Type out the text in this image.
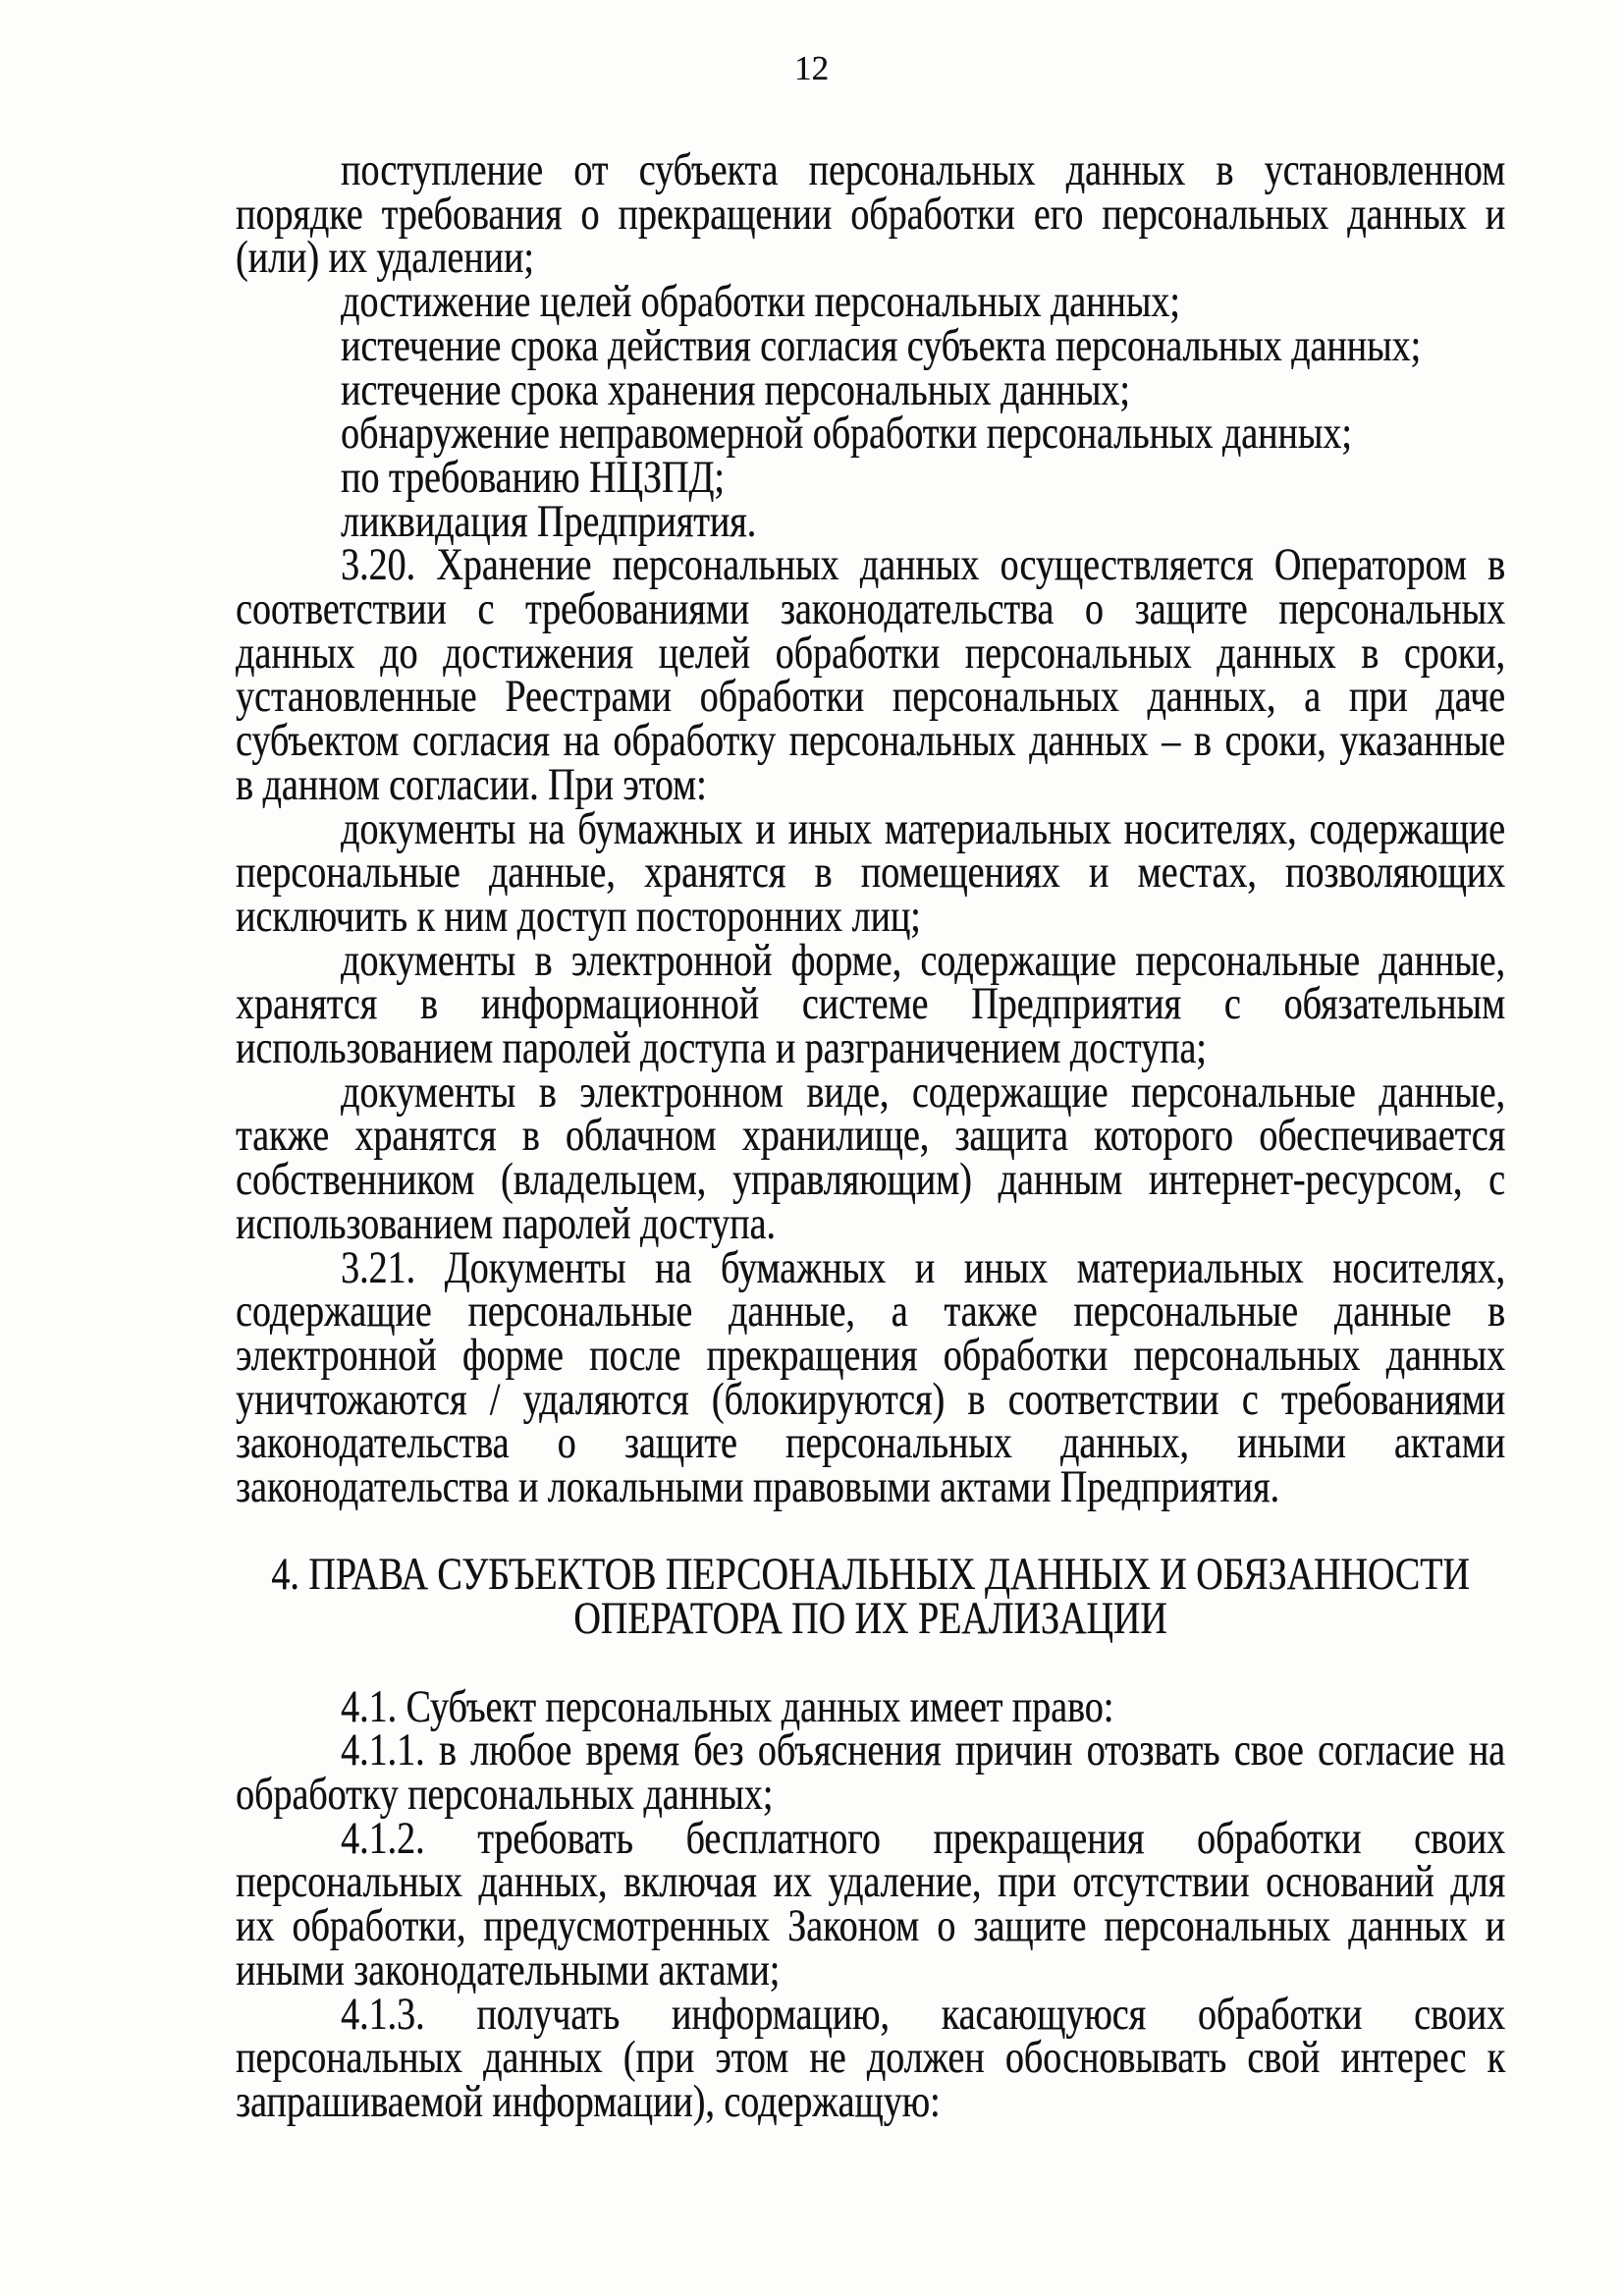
12
поступление от субъекта персональных данных в установленном
порядке требования о прекращении обработки его персональных данных и
(или) их удалении;
достижение целей обработки персональных данных;
истечение срока действия согласия субъекта персональных данных;
истечение срока хранения персональных данных;
обнаружение неправомерной обработки персональных данных;
по требованию НЦЗПД;
ликвидация Предприятия.
3.20. Хранение персональных данных осуществляется Оператором в
соответствии с требованиями законодательства о защите персональных
данных до достижения целей обработки персональных данных в сроки,
установленные Реестрами обработки персональных данных, а при даче
субъектом согласия на обработку персональных данных – в сроки, указанные
в данном согласии. При этом:
документы на бумажных и иных материальных носителях, содержащие
персональные данные, хранятся в помещениях и местах, позволяющих
исключить к ним доступ посторонних лиц;
документы в электронной форме, содержащие персональные данные,
хранятся в информационной системе Предприятия с обязательным
использованием паролей доступа и разграничением доступа;
документы в электронном виде, содержащие персональные данные,
также хранятся в облачном хранилище, защита которого обеспечивается
собственником (владельцем, управляющим) данным интернет-ресурсом, с
использованием паролей доступа.
3.21. Документы на бумажных и иных материальных носителях,
содержащие персональные данные, а также персональные данные в
электронной форме после прекращения обработки персональных данных
уничтожаются / удаляются (блокируются) в соответствии с требованиями
законодательства о защите персональных данных, иными актами
законодательства и локальными правовыми актами Предприятия.
4. ПРАВА СУБЪЕКТОВ ПЕРСОНАЛЬНЫХ ДАННЫХ И ОБЯЗАННОСТИ
ОПЕРАТОРА ПО ИХ РЕАЛИЗАЦИИ
4.1. Субъект персональных данных имеет право:
4.1.1. в любое время без объяснения причин отозвать свое согласие на
обработку персональных данных;
4.1.2. требовать бесплатного прекращения обработки своих
персональных данных, включая их удаление, при отсутствии оснований для
их обработки, предусмотренных Законом о защите персональных данных и
иными законодательными актами;
4.1.3. получать информацию, касающуюся обработки своих
персональных данных (при этом не должен обосновывать свой интерес к
запрашиваемой информации), содержащую:
